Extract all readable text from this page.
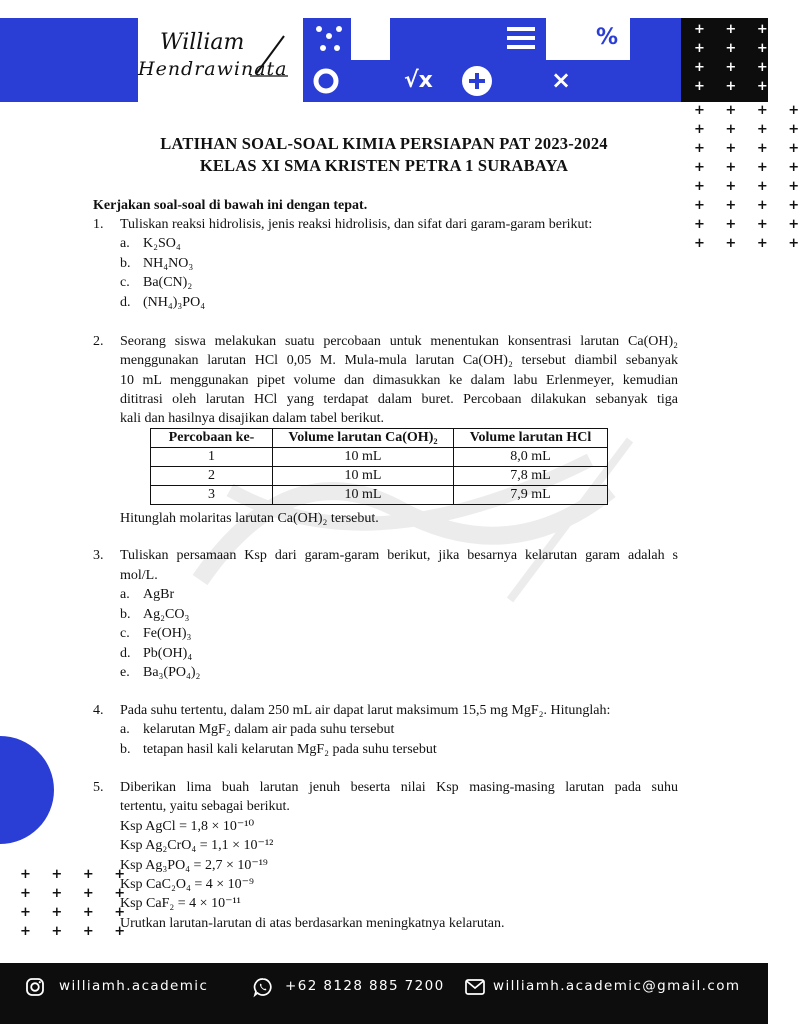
William
Hendrawinata
%
√x	×
+ + + +
+ + + +
+ + + +
+ + + +
+ + + +
+ + + +
+ + + +
+ + + +
+ + + +
+ + + +
+ + + +
+ + + +
+ + + +
+ + + +
+ + + +
+ + + +
LATIHAN SOAL-SOAL KIMIA PERSIAPAN PAT 2023-2024
KELAS XI SMA KRISTEN PETRA 1 SURABAYA
Kerjakan soal-soal di bawah ini dengan tepat.
1. Tuliskan reaksi hidrolisis, jenis reaksi hidrolisis, dan sifat dari garam-garam berikut:
a. K₂SO₄
b. NH₄NO₃
c. Ba(CN)₂
d. (NH₄)₃PO₄
2. Seorang siswa melakukan suatu percobaan untuk menentukan konsentrasi larutan Ca(OH)₂
menggunakan larutan HCl 0,05 M. Mula-mula larutan Ca(OH)₂ tersebut diambil sebanyak
10 mL menggunakan pipet volume dan dimasukkan ke dalam labu Erlenmeyer, kemudian
dititrasi oleh larutan HCl yang terdapat dalam buret. Percobaan dilakukan sebanyak tiga
kali dan hasilnya disajikan dalam tabel berikut.
Percobaan ke-	Volume larutan Ca(OH)₂	Volume larutan HCl
1	10 mL	8,0 mL
2	10 mL	7,8 mL
3	10 mL	7,9 mL
Hitunglah molaritas larutan Ca(OH)₂ tersebut.
3. Tuliskan persamaan Ksp dari garam-garam berikut, jika besarnya kelarutan garam adalah s
mol/L.
a. AgBr
b. Ag₂CO₃
c. Fe(OH)₃
d. Pb(OH)₄
e. Ba₃(PO₄)₂
4. Pada suhu tertentu, dalam 250 mL air dapat larut maksimum 15,5 mg MgF₂. Hitunglah:
a. kelarutan MgF₂ dalam air pada suhu tersebut
b. tetapan hasil kali kelarutan MgF₂ pada suhu tersebut
5. Diberikan lima buah larutan jenuh beserta nilai Ksp masing-masing larutan pada suhu
tertentu, yaitu sebagai berikut.
Ksp AgCl = 1,8 × 10⁻¹⁰
Ksp Ag₂CrO₄ = 1,1 × 10⁻¹²
Ksp Ag₃PO₄ = 2,7 × 10⁻¹⁹
Ksp CaC₂O₄ = 4 × 10⁻⁹
Ksp CaF₂ = 4 × 10⁻¹¹
Urutkan larutan-larutan di atas berdasarkan meningkatnya kelarutan.
williamh.academic	+62 8128 885 7200	williamh.academic@gmail.com
